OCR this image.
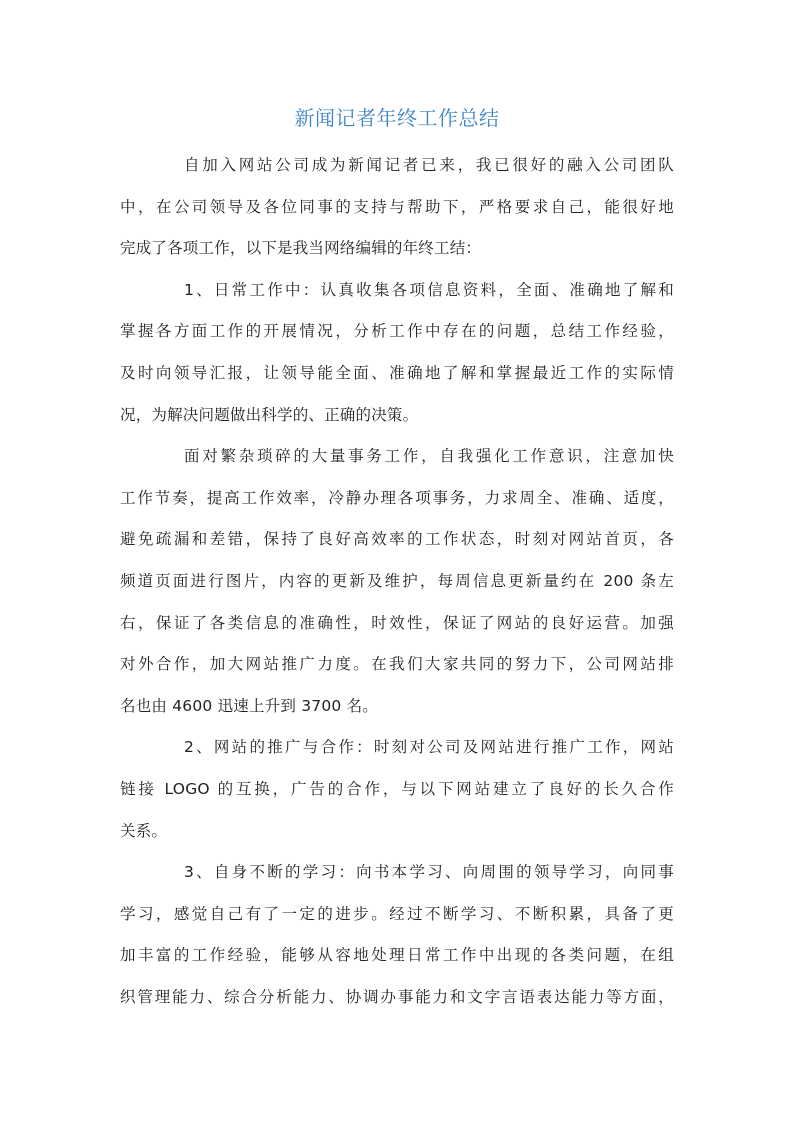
新闻记者年终工作总结
自加入网站公司成为新闻记者已来，我已很好的融入公司团队
中，在公司领导及各位同事的支持与帮助下，严格要求自己，能很好地
完成了各项工作，以下是我当网络编辑的年终工结：
1、日常工作中：认真收集各项信息资料，全面、准确地了解和
掌握各方面工作的开展情况，分析工作中存在的问题，总结工作经验，
及时向领导汇报，让领导能全面、准确地了解和掌握最近工作的实际情
况，为解决问题做出科学的、正确的决策。
面对繁杂琐碎的大量事务工作，自我强化工作意识，注意加快
工作节奏，提高工作效率，冷静办理各项事务，力求周全、准确、适度，
避免疏漏和差错，保持了良好高效率的工作状态，时刻对网站首页，各
频道页面进行图片，内容的更新及维护，每周信息更新量约在 200 条左
右，保证了各类信息的准确性，时效性，保证了网站的良好运营。加强
对外合作，加大网站推广力度。在我们大家共同的努力下，公司网站排
名也由 4600 迅速上升到 3700 名。
2、网站的推广与合作：时刻对公司及网站进行推广工作，网站
链接 LOGO 的互换，广告的合作，与以下网站建立了良好的长久合作
关系。
3、自身不断的学习：向书本学习、向周围的领导学习，向同事
学习，感觉自己有了一定的进步。经过不断学习、不断积累，具备了更
加丰富的工作经验，能够从容地处理日常工作中出现的各类问题，在组
织管理能力、综合分析能力、协调办事能力和文字言语表达能力等方面，
